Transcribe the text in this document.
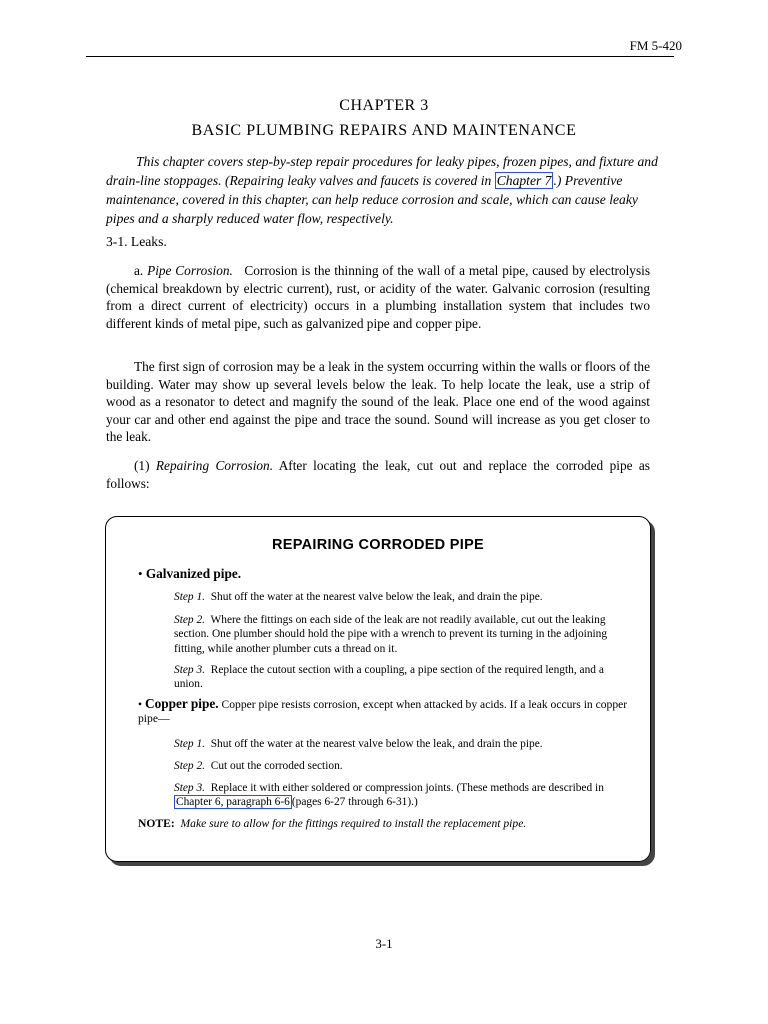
FM 5-420
CHAPTER 3
BASIC PLUMBING REPAIRS AND MAINTENANCE

This chapter covers step-by-step repair procedures for leaky pipes, frozen pipes, and fixture and drain-line stoppages. (Repairing leaky valves and faucets is covered in Chapter 7 .) Preventive maintenance, covered in this chapter, can help reduce corrosion and scale, which can cause leaky pipes and a sharply reduced water flow, respectively.

3-1. Leaks.

a. Pipe Corrosion. Corrosion is the thinning of the wall of a metal pipe, caused by electrolysis (chemical breakdown by electric current), rust, or acidity of the water. Galvanic corrosion (resulting from a direct current of electricity) occurs in a plumbing installation system that includes two different kinds of metal pipe, such as galvanized pipe and copper pipe.

The first sign of corrosion may be a leak in the system occurring within the walls or floors of the building. Water may show up several levels below the leak. To help locate the leak, use a strip of wood as a resonator to detect and magnify the sound of the leak. Place one end of the wood against your car and other end against the pipe and trace the sound. Sound will increase as you get closer to the leak.

(1) Repairing Corrosion. After locating the leak, cut out and replace the corroded pipe as follows:

REPAIRING CORRODED PIPE
• Galvanized pipe.

Step 1. Shut off the water at the nearest valve below the leak, and drain the pipe.

Step 2. Where the fittings on each side of the leak are not readily available, cut out the leaking section. One plumber should hold the pipe with a wrench to prevent its turning in the adjoining fitting, while another plumber cuts a thread on it.

Step 3. Replace the cutout section with a coupling, a pipe section of the required length, and a union.

• Copper pipe. Copper pipe resists corrosion, except when attacked by acids. If a leak occurs in copper pipe—

Step 1. Shut off the water at the nearest valve below the leak, and drain the pipe.

Step 2. Cut out the corroded section.

Step 3. Replace it with either soldered or compression joints. (These methods are described in Chapter 6, paragraph 6-6 (pages 6-27 through 6-31).)

NOTE: Make sure to allow for the fittings required to install the replacement pipe.
3-1
